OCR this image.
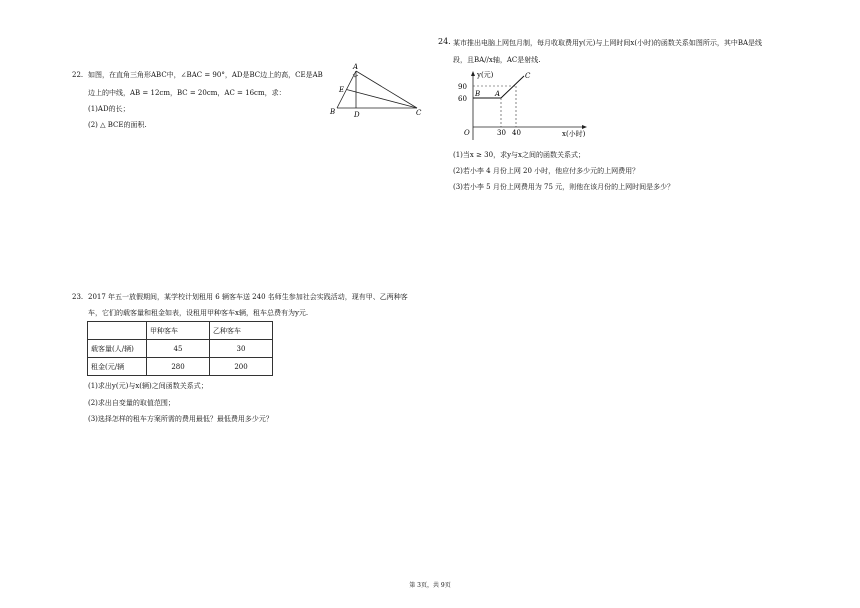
22. 如图，在直角三角形ABC中，∠BAC = 90°，AD是BC边上的高，CE是AB
边上的中线，AB = 12cm，BC = 20cm，AC = 16cm，求：
(1)AD的长；
(2) △ BCE的面积.
A
E
B	D	C
23. 2017 年五一放假期间，某学校计划租用 6 辆客车送 240 名师生参加社会实践活动，现有甲、乙两种客
车，它们的载客量和租金如表，设租用甲种客车x辆，租车总费有为y元.
	甲种客车	乙种客车
载客量(人/辆)	45	30
租金(元/辆	280	200
(1)求出y(元)与x(辆)之间函数关系式；
(2)求出自变量的取值范围；
(3)选择怎样的租车方案所需的费用最低？最低费用多少元？
24. 某市推出电脑上网包月制，每月收取费用y(元)与上网时间x(小时)的函数关系如图所示，其中BA是线
段，且BA//x轴，AC是射线.
y(元)
x(小时)
O
90
60
30 40
B A
C
(1)当x ≥ 30，求y与x之间的函数关系式；
(2)若小李 4 月份上网 20 小时，他应付多少元的上网费用？
(3)若小李 5 月份上网费用为 75 元，则他在该月份的上网时间是多少？
第 3页，共 9页
